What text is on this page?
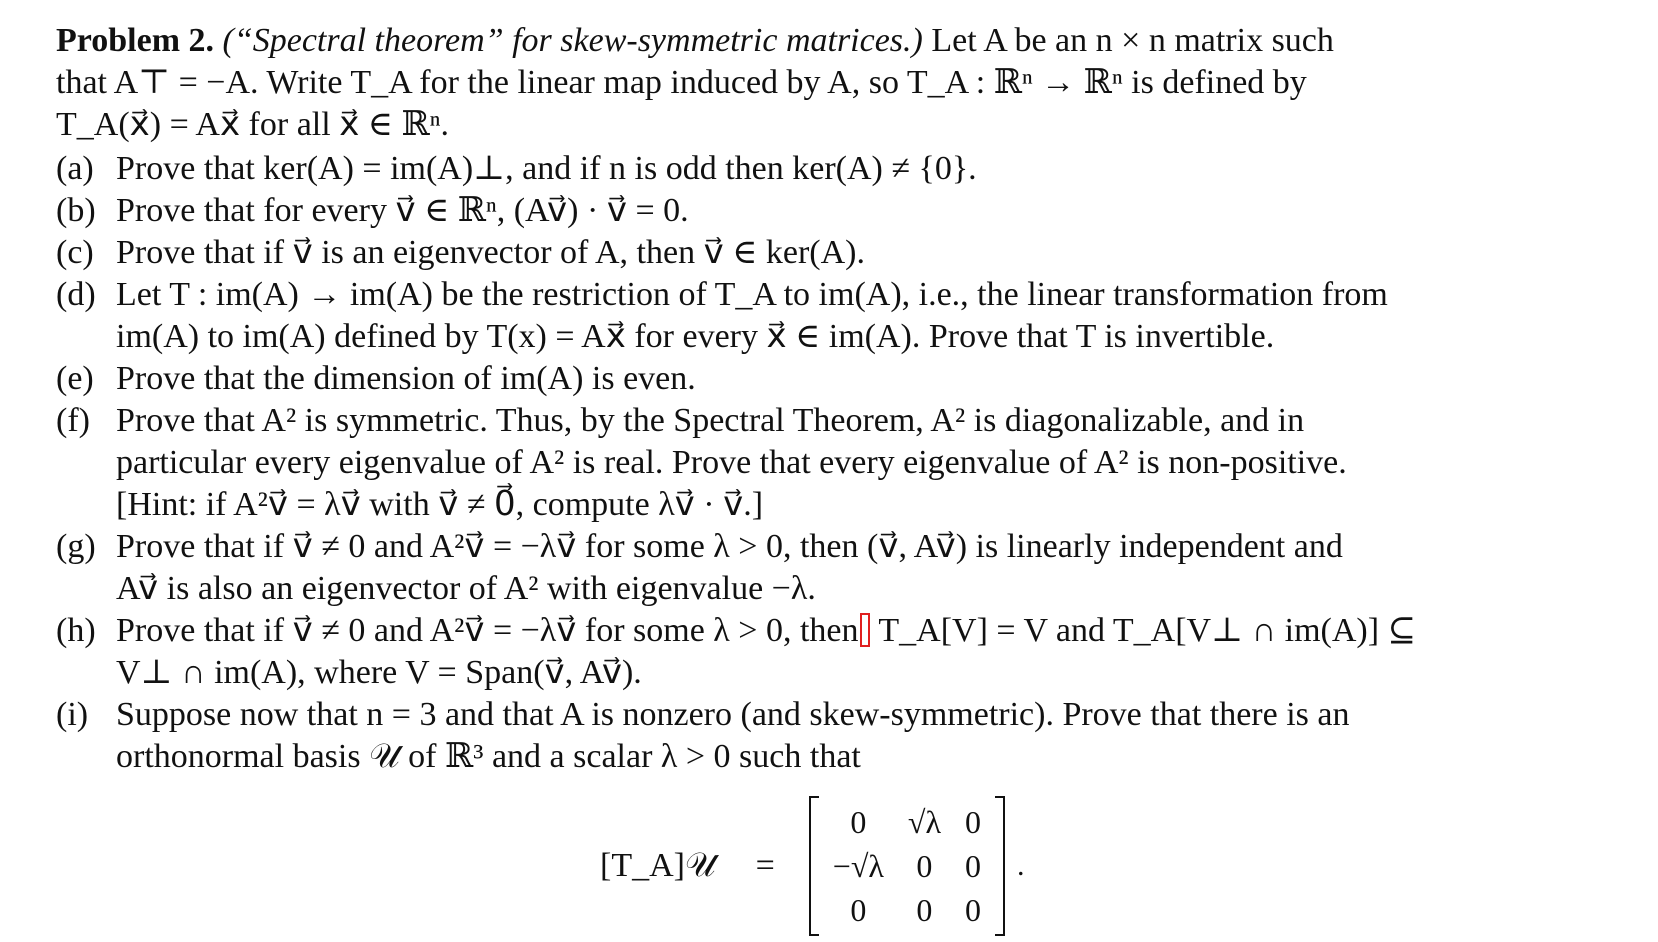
Problem 2. (“Spectral theorem” for skew-symmetric matrices.) Let A be an n × n matrix such
that A⊤ = −A. Write T_A for the linear map induced by A, so T_A : ℝⁿ → ℝⁿ is defined by
T_A(x⃗) = Ax⃗ for all x⃗ ∈ ℝⁿ.

(a) Prove that ker(A) = im(A)⊥, and if n is odd then ker(A) ≠ {0}.
(b) Prove that for every v⃗ ∈ ℝⁿ, (Av⃗) · v⃗ = 0.
(c) Prove that if v⃗ is an eigenvector of A, then v⃗ ∈ ker(A).
(d) Let T : im(A) → im(A) be the restriction of T_A to im(A), i.e., the linear transformation from
im(A) to im(A) defined by T(x) = Ax⃗ for every x⃗ ∈ im(A). Prove that T is invertible.
(e) Prove that the dimension of im(A) is even.
(f) Prove that A² is symmetric. Thus, by the Spectral Theorem, A² is diagonalizable, and in
particular every eigenvalue of A² is real. Prove that every eigenvalue of A² is non-positive.
[Hint: if A²v⃗ = λv⃗ with v⃗ ≠ 0⃗, compute λv⃗ · v⃗.]
(g) Prove that if v⃗ ≠ 0 and A²v⃗ = −λv⃗ for some λ > 0, then (v⃗, Av⃗) is linearly independent and
Av⃗ is also an eigenvector of A² with eigenvalue −λ.
(h) Prove that if v⃗ ≠ 0 and A²v⃗ = −λv⃗ for some λ > 0, then T_A[V] = V and T_A[V⊥ ∩ im(A)] ⊆
V⊥ ∩ im(A), where V = Span(v⃗, Av⃗).
(i) Suppose now that n = 3 and that A is nonzero (and skew-symmetric). Prove that there is an
orthonormal basis 𝒰 of ℝ³ and a scalar λ > 0 such that
[T_A]𝒰 =
0	√λ	0
−√λ	0	0
0	0	0
.
